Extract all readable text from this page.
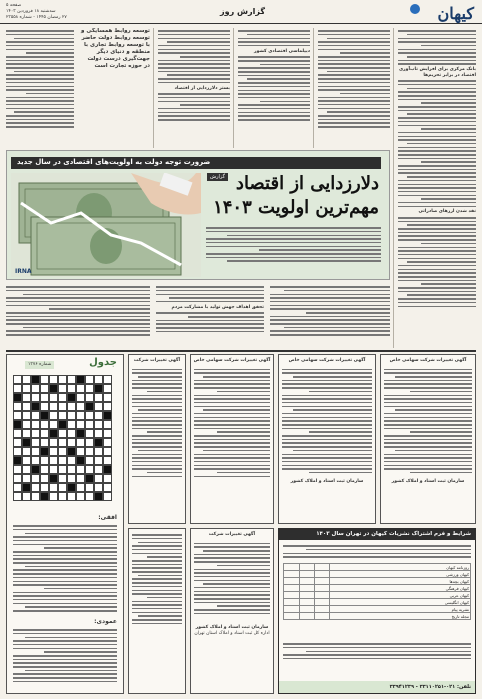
کیهان
گزارش روز
صفحه ۵
سه‌شنبه ۱۸ فروردین ۱۴۰۳
۲۷ رمضان ۱۴۴۵ - شماره ۲۳۵۵۸
بانک مرکزی برای افزایش تاب‌آوری اقتصاد در برابر تحریم‌ها
نقد شدن ارزهای صادراتی
دیپلماسی اقتصادی کشور
بستر دلارزدایی از اقتصاد
توسعه روابط همسایگی و توسعه روابط دولت حاضر با توسعه روابط تجاری با منطقه و دنیای دیگر جهت‌گیری درست دولت در حوزه تجارت است
ضرورت توجه دولت به اولویت‌های اقتصادی در سال جدید
دلارزدایی از اقتصاد
مهم‌ترین اولویت ۱۴۰۳
IRNA
گزارش
تحقق اهداف جهش تولید با مشارکت مردم
جدول
شماره ۱۳۷۶

افقی:
عمودی:
آگهی تغییرات شرکت	آگهی تغییرات شرکت سهامی خاص
آگهی تغییرات شرکت
سازمان ثبت اسناد و املاک کشور
اداره کل ثبت اسناد و املاک استان تهران
آگهی تغییرات شرکت سهامی خاص
سازمان ثبت اسناد و املاک کشور
آگهی تغییرات شرکت سهامی خاص
سازمان ثبت اسناد و املاک کشور
شرایط و فرم اشتراک نشریات کیهان در تهران سال ۱۴۰۳
روزنامه کیهان			
کیهان ورزشی			
کیهان بچه‌ها			
کیهان فرهنگی			
کیهان عربی			
کیهان انگلیسی			
نشریه پیام			
مجله تاریخ			
تلفن: ۰۲۱-۳۳۱۱۰۲۵۱ - ۳۳۹۴۱۲۳۹
